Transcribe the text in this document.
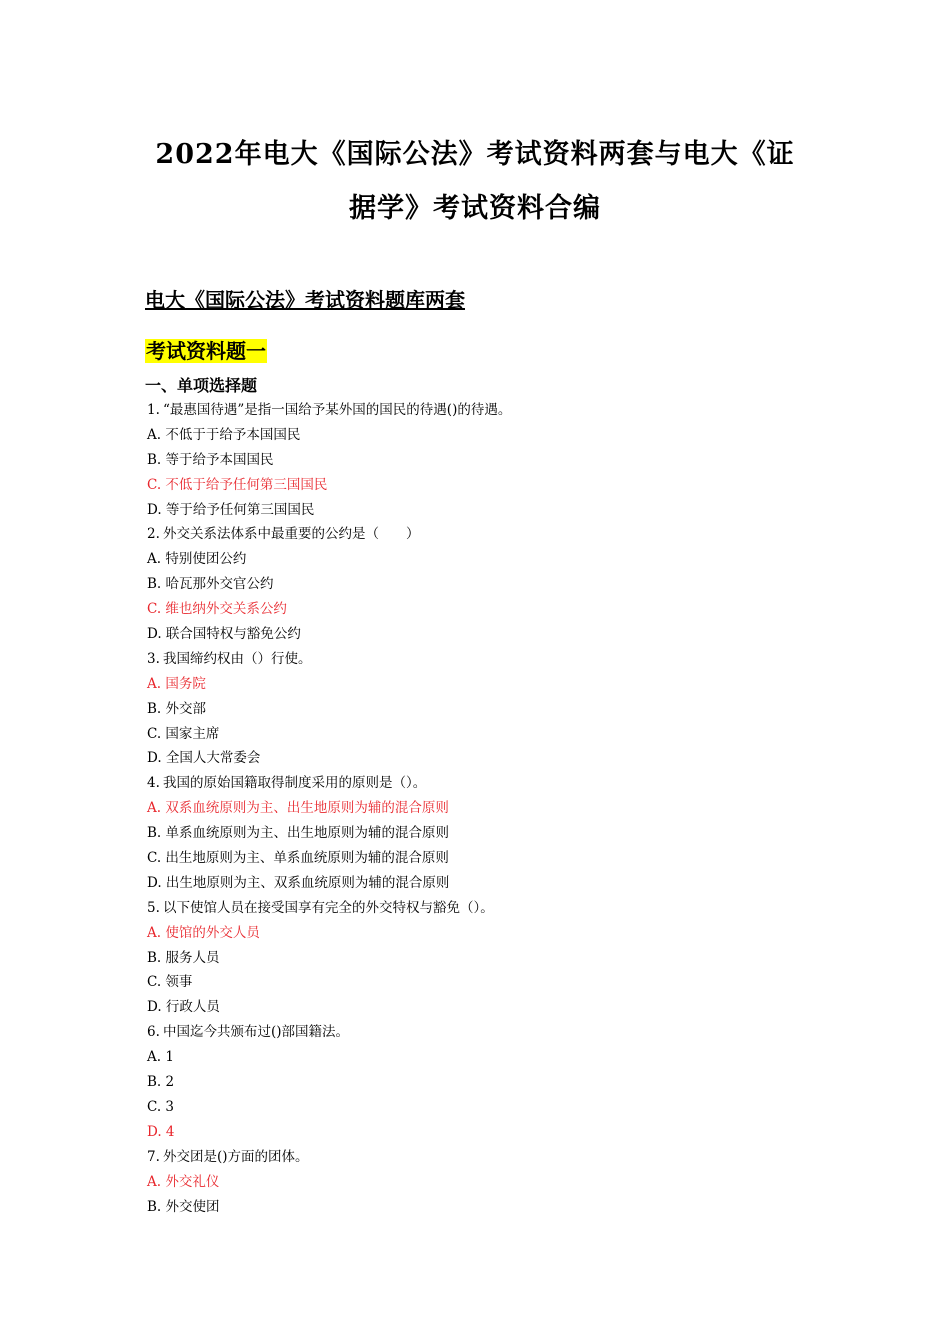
2022年电大《国际公法》考试资料两套与电大《证
据学》考试资料合编
电大《国际公法》考试资料题库两套
考试资料题一
一、单项选择题
1. “最惠国待遇”是指一国给予某外国的国民的待遇()的待遇。
A. 不低于于给予本国国民
B. 等于给予本国国民
C. 不低于给予任何第三国国民
D. 等于给予任何第三国国民
2. 外交关系法体系中最重要的公约是（　　）
A. 特别使团公约
B. 哈瓦那外交官公约
C. 维也纳外交关系公约
D. 联合国特权与豁免公约
3. 我国缔约权由（）行使。
A. 国务院
B. 外交部
C. 国家主席
D. 全国人大常委会
4. 我国的原始国籍取得制度采用的原则是（）。
A. 双系血统原则为主、出生地原则为辅的混合原则
B. 单系血统原则为主、出生地原则为辅的混合原则
C. 出生地原则为主、单系血统原则为辅的混合原则
D. 出生地原则为主、双系血统原则为辅的混合原则
5. 以下使馆人员在接受国享有完全的外交特权与豁免（）。
A. 使馆的外交人员
B. 服务人员
C. 领事
D. 行政人员
6. 中国迄今共颁布过()部国籍法。
A. 1
B. 2
C. 3
D. 4
7. 外交团是()方面的团体。
A. 外交礼仪
B. 外交使团
